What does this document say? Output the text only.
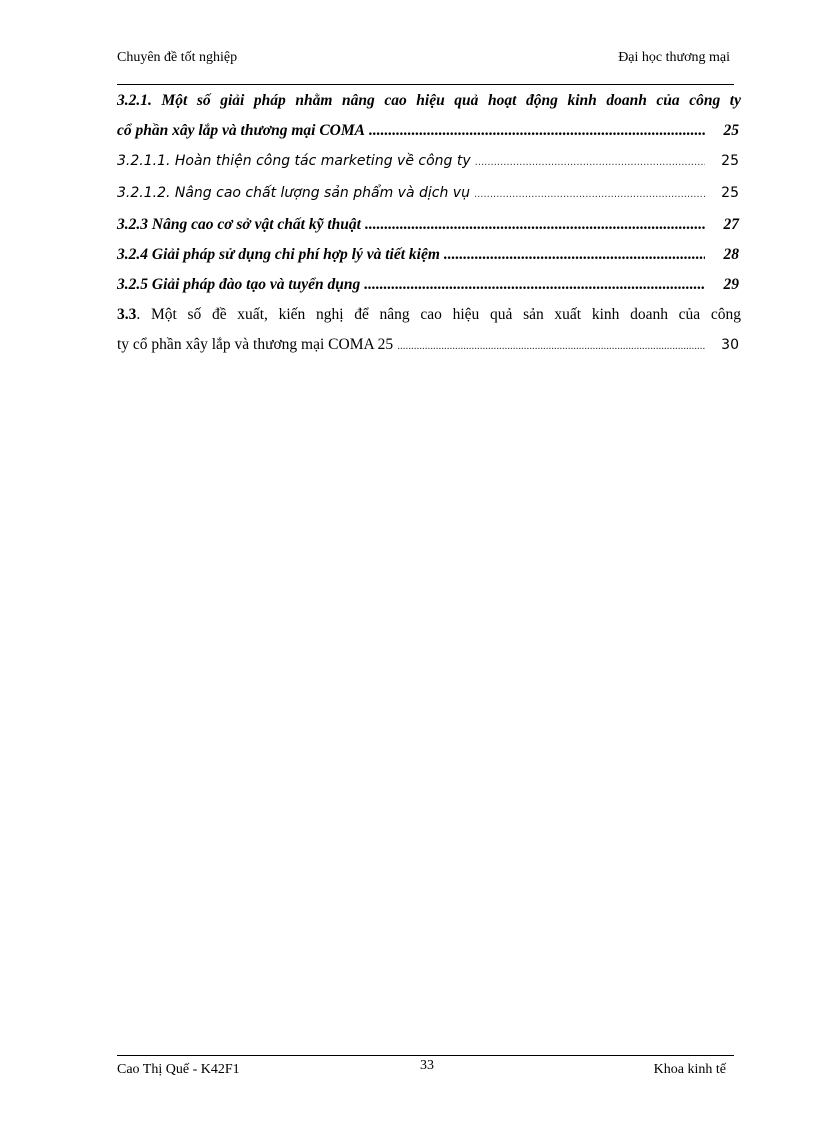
Chuyên đề tốt nghiệp	Đại học thương mại
3.2.1. Một số giải pháp nhằm nâng cao hiệu quả hoạt động kinh doanh của công ty
cổ phần xây lắp và thương mại COMA .....	25
3.2.1.1. Hoàn thiện công tác marketing về công ty .....	25
3.2.1.2. Nâng cao chất lượng sản phẩm và dịch vụ .....	25
3.2.3 Nâng cao cơ sở vật chất kỹ thuật .....	27
3.2.4 Giải pháp sử dụng chi phí hợp lý và tiết kiệm .....	28
3.2.5 Giải pháp đào tạo và tuyển dụng .....	29
3.3. Một số đề xuất, kiến nghị để nâng cao hiệu quả sản xuất kinh doanh của công
ty cổ phần xây lắp và thương mại COMA 25 .....	30
Cao Thị Quế - K42F1	33	Khoa kinh tế
